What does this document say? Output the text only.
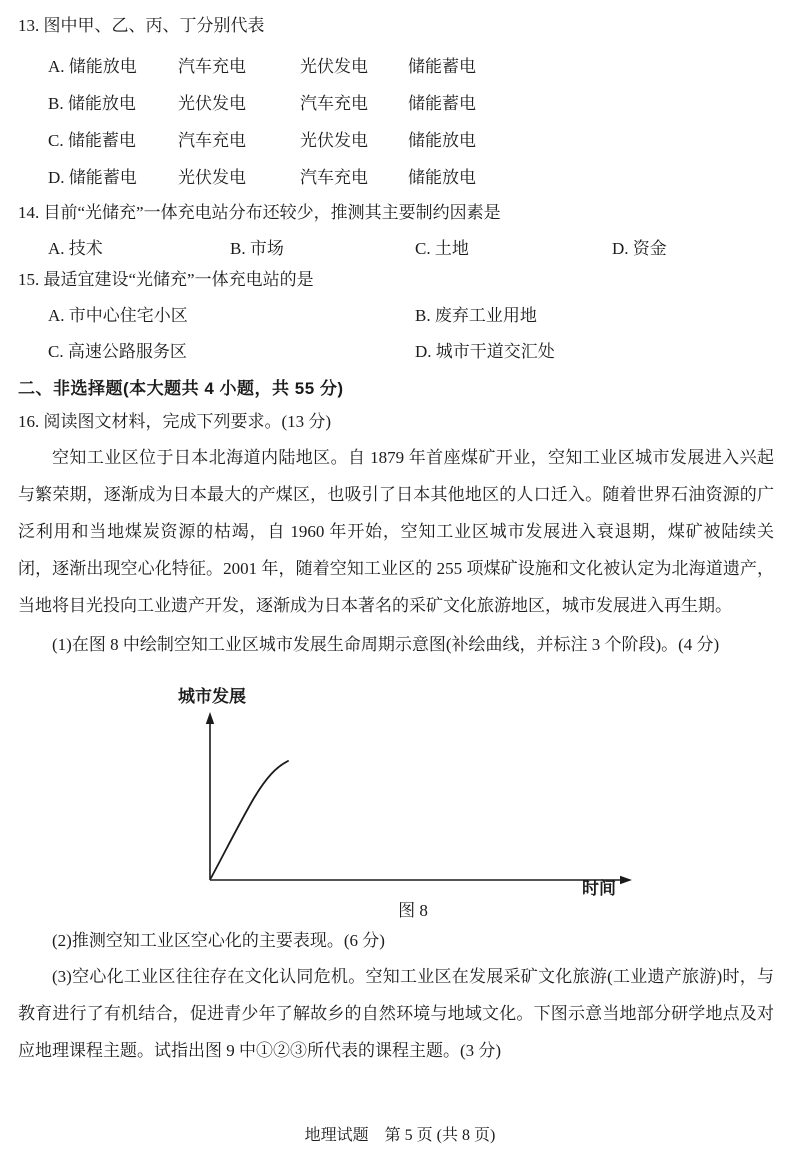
13. 图中甲、乙、丙、丁分别代表
A. 储能放电	汽车充电	光伏发电	储能蓄电
B. 储能放电	光伏发电	汽车充电	储能蓄电
C. 储能蓄电	汽车充电	光伏发电	储能放电
D. 储能蓄电	光伏发电	汽车充电	储能放电
14. 目前“光储充”一体充电站分布还较少，推测其主要制约因素是
A. 技术	B. 市场	C. 土地	D. 资金
15. 最适宜建设“光储充”一体充电站的是
A. 市中心住宅小区	B. 废弃工业用地
C. 高速公路服务区	D. 城市干道交汇处
二、非选择题(本大题共 4 小题，共 55 分)
16. 阅读图文材料，完成下列要求。(13 分)

空知工业区位于日本北海道内陆地区。自 1879 年首座煤矿开业，空知工业区城市发展进入兴起与繁荣期，逐渐成为日本最大的产煤区，也吸引了日本其他地区的人口迁入。随着世界石油资源的广泛利用和当地煤炭资源的枯竭，自 1960 年开始，空知工业区城市发展进入衰退期，煤矿被陆续关闭，逐渐出现空心化特征。2001 年，随着空知工业区的 255 项煤矿设施和文化被认定为北海道遗产，当地将目光投向工业遗产开发，逐渐成为日本著名的采矿文化旅游地区，城市发展进入再生期。

(1)在图 8 中绘制空知工业区城市发展生命周期示意图(补绘曲线，并标注 3 个阶段)。(4 分)
城市发展
时间
图 8
(2)推测空知工业区空心化的主要表现。(6 分)

(3)空心化工业区往往存在文化认同危机。空知工业区在发展采矿文化旅游(工业遗产旅游)时，与教育进行了有机结合，促进青少年了解故乡的自然环境与地域文化。下图示意当地部分研学地点及对应地理课程主题。试指出图 9 中①②③所代表的课程主题。(3 分)

地理试题　第 5 页 (共 8 页)
